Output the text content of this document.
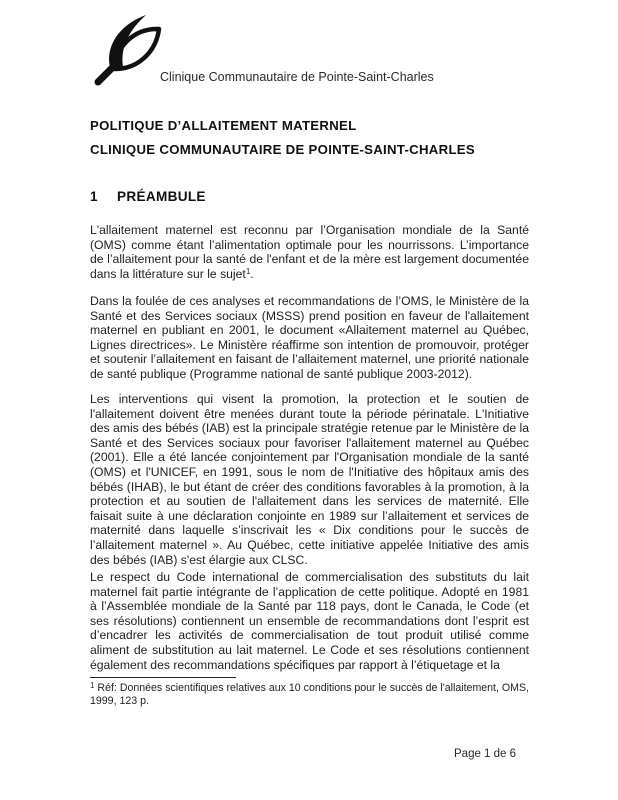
Clinique Communautaire de Pointe-Saint-Charles
POLITIQUE D’ALLAITEMENT MATERNEL
CLINIQUE COMMUNAUTAIRE DE POINTE-SAINT-CHARLES
1	PRÉAMBULE

L'allaitement maternel est reconnu par l’Organisation mondiale de la Santé (OMS) comme étant l’alimentation optimale pour les nourrissons. L’importance de l’allaitement pour la santé de l'enfant et de la mère est largement documentée dans la littérature sur le sujet$^1$.

Dans la foulée de ces analyses et recommandations de l’OMS, le Ministère de la Santé et des Services sociaux (MSSS) prend position en faveur de l'allaitement maternel en publiant en 2001, le document «Allaitement maternel au Québec, Lignes directrices». Le Ministère réaffirme son intention de promouvoir, protéger et soutenir l’allaitement en faisant de l’allaitement maternel, une priorité nationale de santé publique (Programme national de santé publique 2003-2012).

Les interventions qui visent la promotion, la protection et le soutien de l'allaitement doivent être menées durant toute la période périnatale. L'Initiative des amis des bébés (IAB) est la principale stratégie retenue par le Ministère de la Santé et des Services sociaux pour favoriser l'allaitement maternel au Québec (2001). Elle a été lancée conjointement par l'Organisation mondiale de la santé (OMS) et l'UNICEF, en 1991, sous le nom de l'Initiative des hôpitaux amis des bébés (IHAB), le but étant de créer des conditions favorables à la promotion, à la protection et au soutien de l'allaitement dans les services de maternité. Elle faisait suite à une déclaration conjointe en 1989 sur l’allaitement et services de maternité dans laquelle s’inscrivait les « Dix conditions pour le succès de l’allaitement maternel ». Au Québec, cette initiative appelée Initiative des amis des bébés (IAB) s'est élargie aux CLSC.

Le respect du Code international de commercialisation des substituts du lait maternel fait partie intégrante de l’application de cette politique. Adopté en 1981 à l’Assemblée mondiale de la Santé par 118 pays, dont le Canada, le Code (et ses résolutions) contiennent un ensemble de recommandations dont l’esprit est d’encadrer les activités de commercialisation de tout produit utilisé comme aliment de substitution au lait maternel. Le Code et ses résolutions contiennent également des recommandations spécifiques par rapport à l’étiquetage et la

$^1$ Réf: Données scientifiques relatives aux 10 conditions pour le succès de l'allaitement, OMS, 1999, 123 p.

Page 1 de 6
